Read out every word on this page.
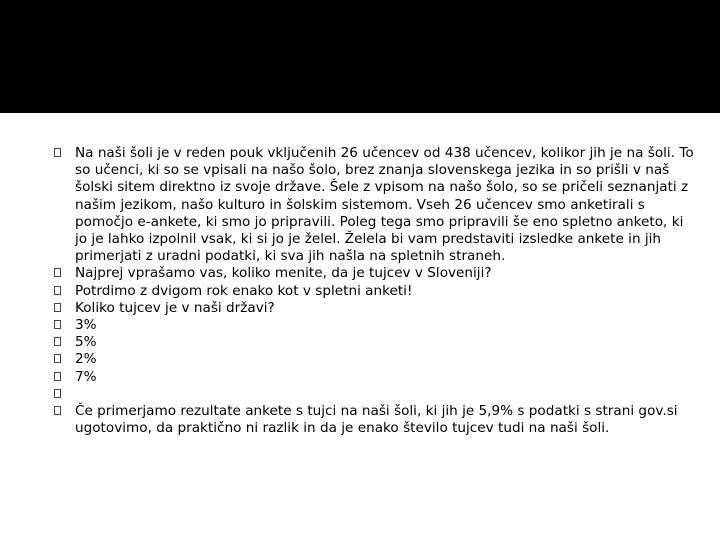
Na naši šoli je v reden pouk vključenih 26 učencev od 438 učencev, kolikor jih je na šoli. To so učenci, ki so se vpisali na našo šolo, brez znanja slovenskega jezika in so prišli v naš šolski sitem direktno iz svoje države. Šele z vpisom na našo šolo, so se pričeli seznanjati z našim jezikom, našo kulturo in šolskim sistemom. Vseh 26 učencev smo anketirali s pomočjo e-ankete, ki smo jo pripravili. Poleg tega smo pripravili še eno spletno anketo, ki jo je lahko izpolnil vsak, ki si jo je želel. Želela bi vam predstaviti izsledke ankete in jih primerjati z uradni podatki, ki sva jih našla na spletnih straneh.
Najprej vprašamo vas, koliko menite, da je tujcev v Sloveniji?
Potrdimo z dvigom rok enako kot v spletni anketi!
Koliko tujcev je v naši državi?
3%
5%
2%
7%
Če primerjamo rezultate ankete s tujci na naši šoli, ki jih je 5,9% s podatki s strani gov.si ugotovimo, da praktično ni razlik in da je enako število tujcev tudi na naši šoli.
